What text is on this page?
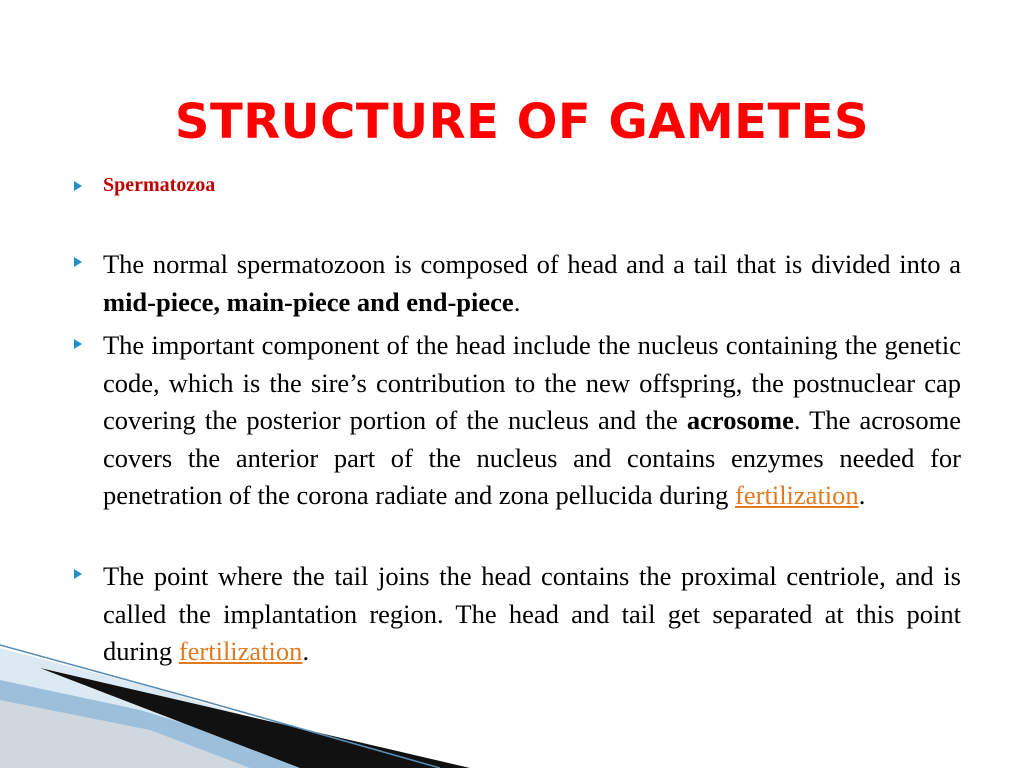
STRUCTURE OF GAMETES

Spermatozoa

The normal spermatozoon is composed of head and a tail that is divided into a mid-piece, main-piece and end-piece.

The important component of the head include the nucleus containing the genetic code, which is the sire’s contribution to the new offspring, the postnuclear cap covering the posterior portion of the nucleus and the acrosome. The acrosome covers the anterior part of the nucleus and contains enzymes needed for penetration of the corona radiate and zona pellucida during fertilization.

The point where the tail joins the head contains the proximal centriole, and is called the implantation region. The head and tail get separated at this point during fertilization.
